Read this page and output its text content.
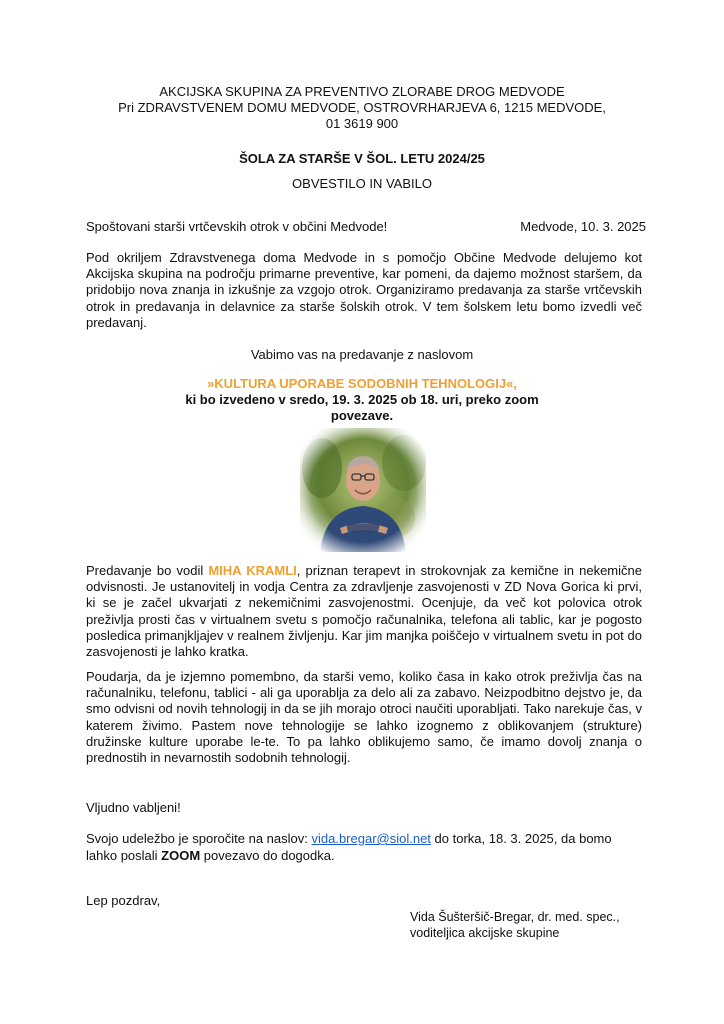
AKCIJSKA SKUPINA ZA PREVENTIVO ZLORABE DROG MEDVODE
Pri ZDRAVSTVENEM DOMU MEDVODE, OSTROVRHARJEVA 6, 1215 MEDVODE,
01 3619 900
ŠOLA ZA STARŠE V ŠOL. LETU 2024/25
OBVESTILO IN VABILO
Spoštovani starši vrtčevskih otrok v občini Medvode!	Medvode, 10. 3. 2025
Pod okriljem Zdravstvenega doma Medvode in s pomočjo Občine Medvode delujemo kot Akcijska skupina na področju primarne preventive, kar pomeni, da dajemo možnost staršem, da pridobijo nova znanja in izkušnje za vzgojo otrok. Organiziramo predavanja za starše vrtčevskih otrok in predavanja in delavnice za starše šolskih otrok. V tem šolskem letu bomo izvedli več predavanj.
Vabimo vas na predavanje z naslovom
»KULTURA UPORABE SODOBNIH TEHNOLOGIJ«,
ki bo izvedeno v sredo, 19. 3. 2025 ob 18. uri, preko zoom povezave.
Predavanje bo vodil MIHA KRAMLI, priznan terapevt in strokovnjak za kemične in nekemične odvisnosti. Je ustanovitelj in vodja Centra za zdravljenje zasvojenosti v ZD Nova Gorica ki prvi, ki se je začel ukvarjati z nekemičnimi zasvojenostmi. Ocenjuje, da več kot polovica otrok preživlja prosti čas v virtualnem svetu s pomočjo računalnika, telefona ali tablic, kar je pogosto posledica primanjkljajev v realnem življenju. Kar jim manjka poiščejo v virtualnem svetu in pot do zasvojenosti je lahko kratka.
Poudarja, da je izjemno pomembno, da starši vemo, koliko časa in kako otrok preživlja čas na računalniku, telefonu, tablici - ali ga uporablja za delo ali za zabavo. Neizpodbitno dejstvo je, da smo odvisni od novih tehnologij in da se jih morajo otroci naučiti uporabljati. Tako narekuje čas, v katerem živimo. Pastem nove tehnologije se lahko izognemo z oblikovanjem (strukture) družinske kulture uporabe le-te. To pa lahko oblikujemo samo, če imamo dovolj znanja o prednostih in nevarnostih sodobnih tehnologij.
Vljudno vabljeni!
Svojo udeležbo je sporočite na naslov: vida.bregar@siol.net do torka, 18. 3. 2025, da bomo lahko poslali ZOOM povezavo do dogodka.
Lep pozdrav,
Vida Šušteršič-Bregar, dr. med. spec.,
voditeljica akcijske skupine
